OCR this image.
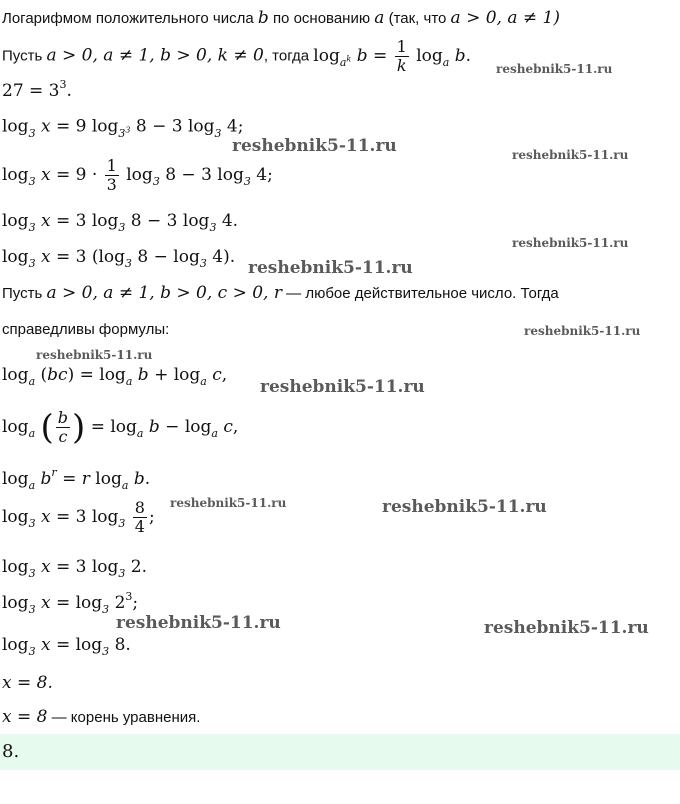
Логарифмом положительного числа b по основанию a (так, что a > 0, a ≠ 1)
Пусть a > 0, a ≠ 1, b > 0, k ≠ 0, тогда $\log_{a^k} b = \frac{1}{k} \log_a b$.
$27 = 3^3$.
$\log_3 x = 9$ $\log_{3^3} 8 - 3$ $\log_3 4$;
$\log_3 x = 9 \cdot \frac{1}{3} \log_3 8 - 3$ $\log_3 4$;
$\log_3 x = 3$ $\log_3 8 - 3$ $\log_3 4$.
$\log_3 x = 3$ ($\log_3$ $8 - \log_3 4$).
Пусть a > 0, a ≠ 1, b > 0, c > 0, r — любое действительное число. Тогда
справедливы формулы:
$\log_a (bc) = \log_a b + \log_a c$,
$\log_a$ ( $\frac{b}{c}$ ) = $\log_a b - \log_a c$,
$\log_a b^r = r$ $\log_a b$.
$\log_3 x = 3$ $\log_3 \frac{8}{4}$ ;
$\log_3 x = 3$ $\log_3 2$.
$\log_3 x = \log_3 2^3$;
$\log_3 x = \log_3 8$.
x = 8.
x = 8 — корень уравнения.
8.
reshebnik5-11.ru
reshebnik5-11.ru	reshebnik5-11.ru
reshebnik5-11.ru
reshebnik5-11.ru
reshebnik5-11.ru
reshebnik5-11.ru
reshebnik5-11.ru
reshebnik5-11.ru	reshebnik5-11.ru
reshebnik5-11.ru	reshebnik5-11.ru
